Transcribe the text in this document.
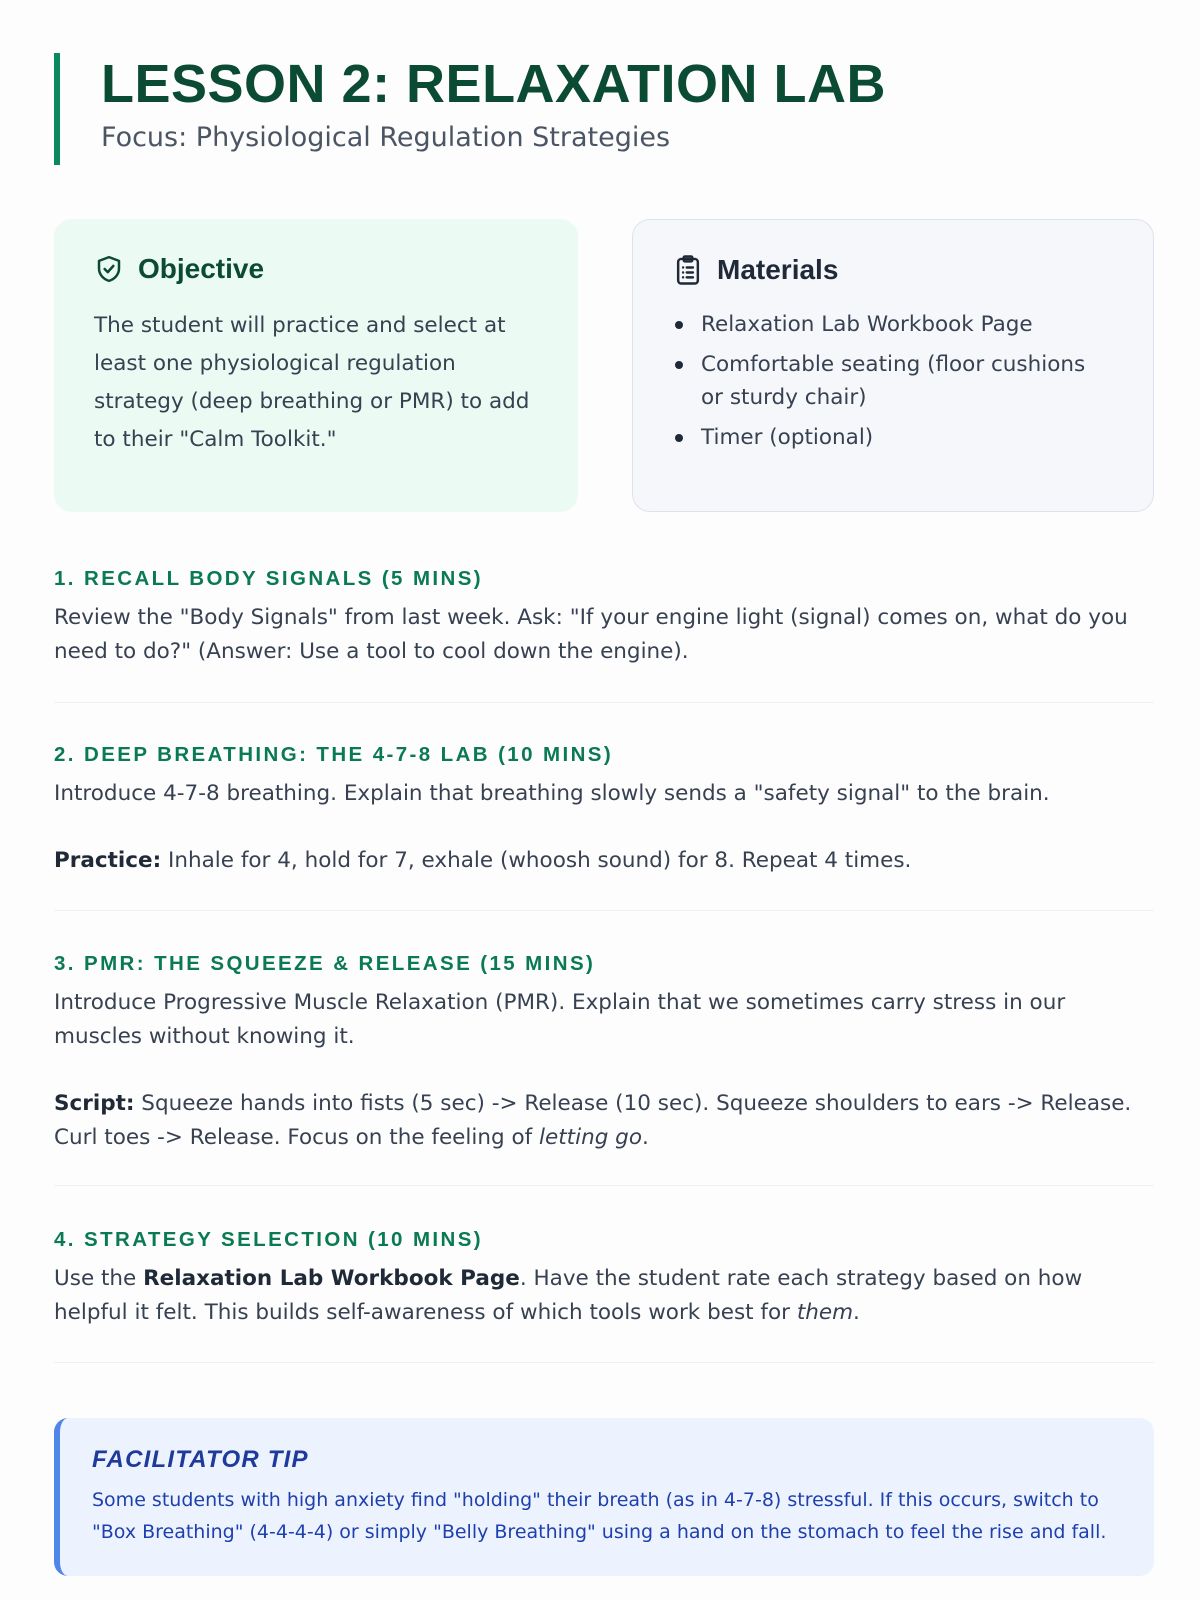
LESSON 2: RELAXATION LAB
Focus: Physiological Regulation Strategies
Objective

The student will practice and select at least one physiological regulation strategy (deep breathing or PMR) to add to their "Calm Toolkit."

Materials
Relaxation Lab Workbook Page
Comfortable seating (floor cushions or sturdy chair)
Timer (optional)
1. RECALL BODY SIGNALS (5 MINS)

Review the "Body Signals" from last week. Ask: "If your engine light (signal) comes on, what do you need to do?" (Answer: Use a tool to cool down the engine).

2. DEEP BREATHING: THE 4-7-8 LAB (10 MINS)

Introduce 4-7-8 breathing. Explain that breathing slowly sends a "safety signal" to the brain.

Practice: Inhale for 4, hold for 7, exhale (whoosh sound) for 8. Repeat 4 times.

3. PMR: THE SQUEEZE & RELEASE (15 MINS)

Introduce Progressive Muscle Relaxation (PMR). Explain that we sometimes carry stress in our muscles without knowing it.

Script: Squeeze hands into fists (5 sec) -> Release (10 sec). Squeeze shoulders to ears -> Release. Curl toes -> Release. Focus on the feeling of letting go.

4. STRATEGY SELECTION (10 MINS)

Use the Relaxation Lab Workbook Page. Have the student rate each strategy based on how helpful it felt. This builds self-awareness of which tools work best for them.

FACILITATOR TIP

Some students with high anxiety find "holding" their breath (as in 4-7-8) stressful. If this occurs, switch to "Box Breathing" (4-4-4-4) or simply "Belly Breathing" using a hand on the stomach to feel the rise and fall.
